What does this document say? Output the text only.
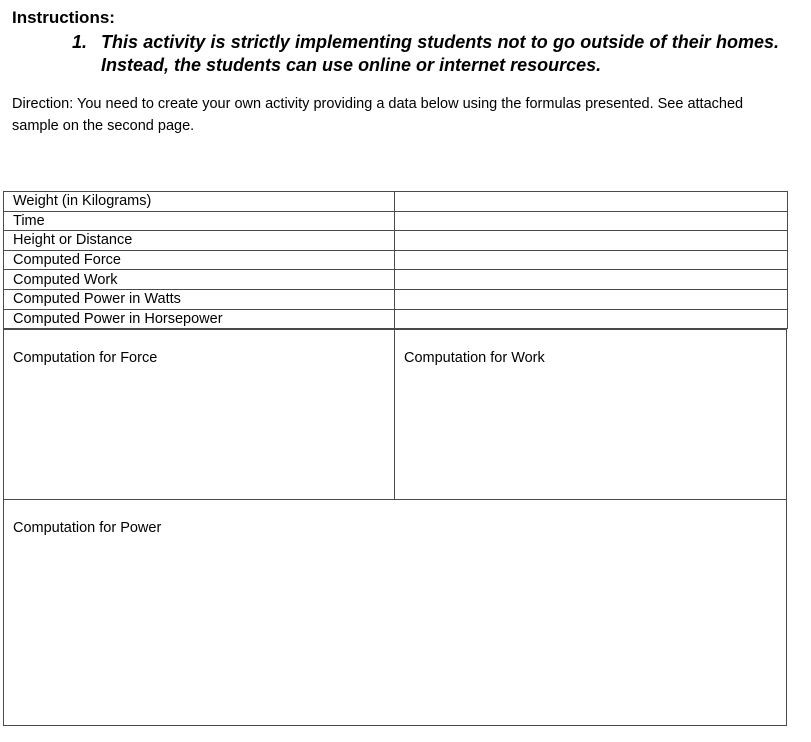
Instructions:
1. This activity is strictly implementing students not to go outside of their homes. Instead, the students can use online or internet resources.

Direction: You need to create your own activity providing a data below using the formulas presented. See attached sample on the second page.

Weight (in Kilograms)	
Time	
Height or Distance	
Computed Force	
Computed Work	
Computed Power in Watts	
Computed Power in Horsepower	

Computation for Force	Computation for Work

Computation for Power
